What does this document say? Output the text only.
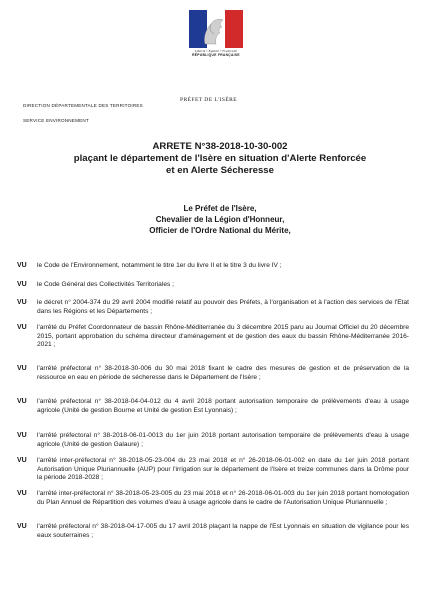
Liberté • Égalité • Fraternité
RÉPUBLIQUE FRANÇAISE
PRÉFET DE L'ISÈRE
DIRECTION DÉPARTEMENTALE DES TERRITOIRES
SERVICE ENVIRONNEMENT
ARRETE N°38-2018-10-30-002
plaçant le département de l'Isère en situation d'Alerte Renforcée
et en Alerte Sécheresse
Le Préfet de l'Isère,
Chevalier de la Légion d'Honneur,
Officier de l'Ordre National du Mérite,
VU le Code de l'Environnement, notamment le titre 1er du livre II et le titre 3 du livre IV ;
VU le Code Général des Collectivités Territoriales ;
VU le décret n° 2004-374 du 29 avril 2004 modifié relatif au pouvoir des Préfets, à l'organisation et à l'action des services de l'Etat dans les Régions et les Départements ;
VU l'arrêté du Préfet Coordonnateur de bassin Rhône-Méditerranée du 3 décembre 2015 paru au Journal Officiel du 20 décembre 2015, portant approbation du schéma directeur d'aménagement et de gestion des eaux du bassin Rhône-Méditerranée 2016-2021 ;
VU l'arrêté préfectoral n° 38-2018-30-006 du 30 mai 2018 fixant le cadre des mesures de gestion et de préservation de la ressource en eau en période de sécheresse dans le Département de l'Isère ;
VU l'arrêté préfectoral n° 38-2018-04-04-012 du 4 avril 2018 portant autorisation temporaire de prélèvements d'eau à usage agricole (Unité de gestion Bourne et Unité de gestion Est Lyonnais) ;
VU l'arrêté préfectoral n° 38-2018-06-01-0013 du 1er juin 2018 portant autorisation temporaire de prélèvements d'eau à usage agricole (Unité de gestion Galaure) ;
VU l'arrêté inter-préfectoral n° 38-2018-05-23-004 du 23 mai 2018 et n° 26-2018-06-01-002 en date du 1er juin 2018 portant Autorisation Unique Pluriannuelle (AUP) pour l'irrigation sur le département de l'Isère et treize communes dans la Drôme pour la période 2018-2028 ;
VU l'arrêté inter-préfectoral n° 38-2018-05-23-005 du 23 mai 2018 et n° 26-2018-06-01-003 du 1er juin 2018 portant homologation du Plan Annuel de Répartition des volumes d'eau à usage agricole dans le cadre de l'Autorisation Unique Pluriannuelle ;
VU l'arrêté préfectoral n° 38-2018-04-17-005 du 17 avril 2018 plaçant la nappe de l'Est Lyonnais en situation de vigilance pour les eaux souterraines ;
